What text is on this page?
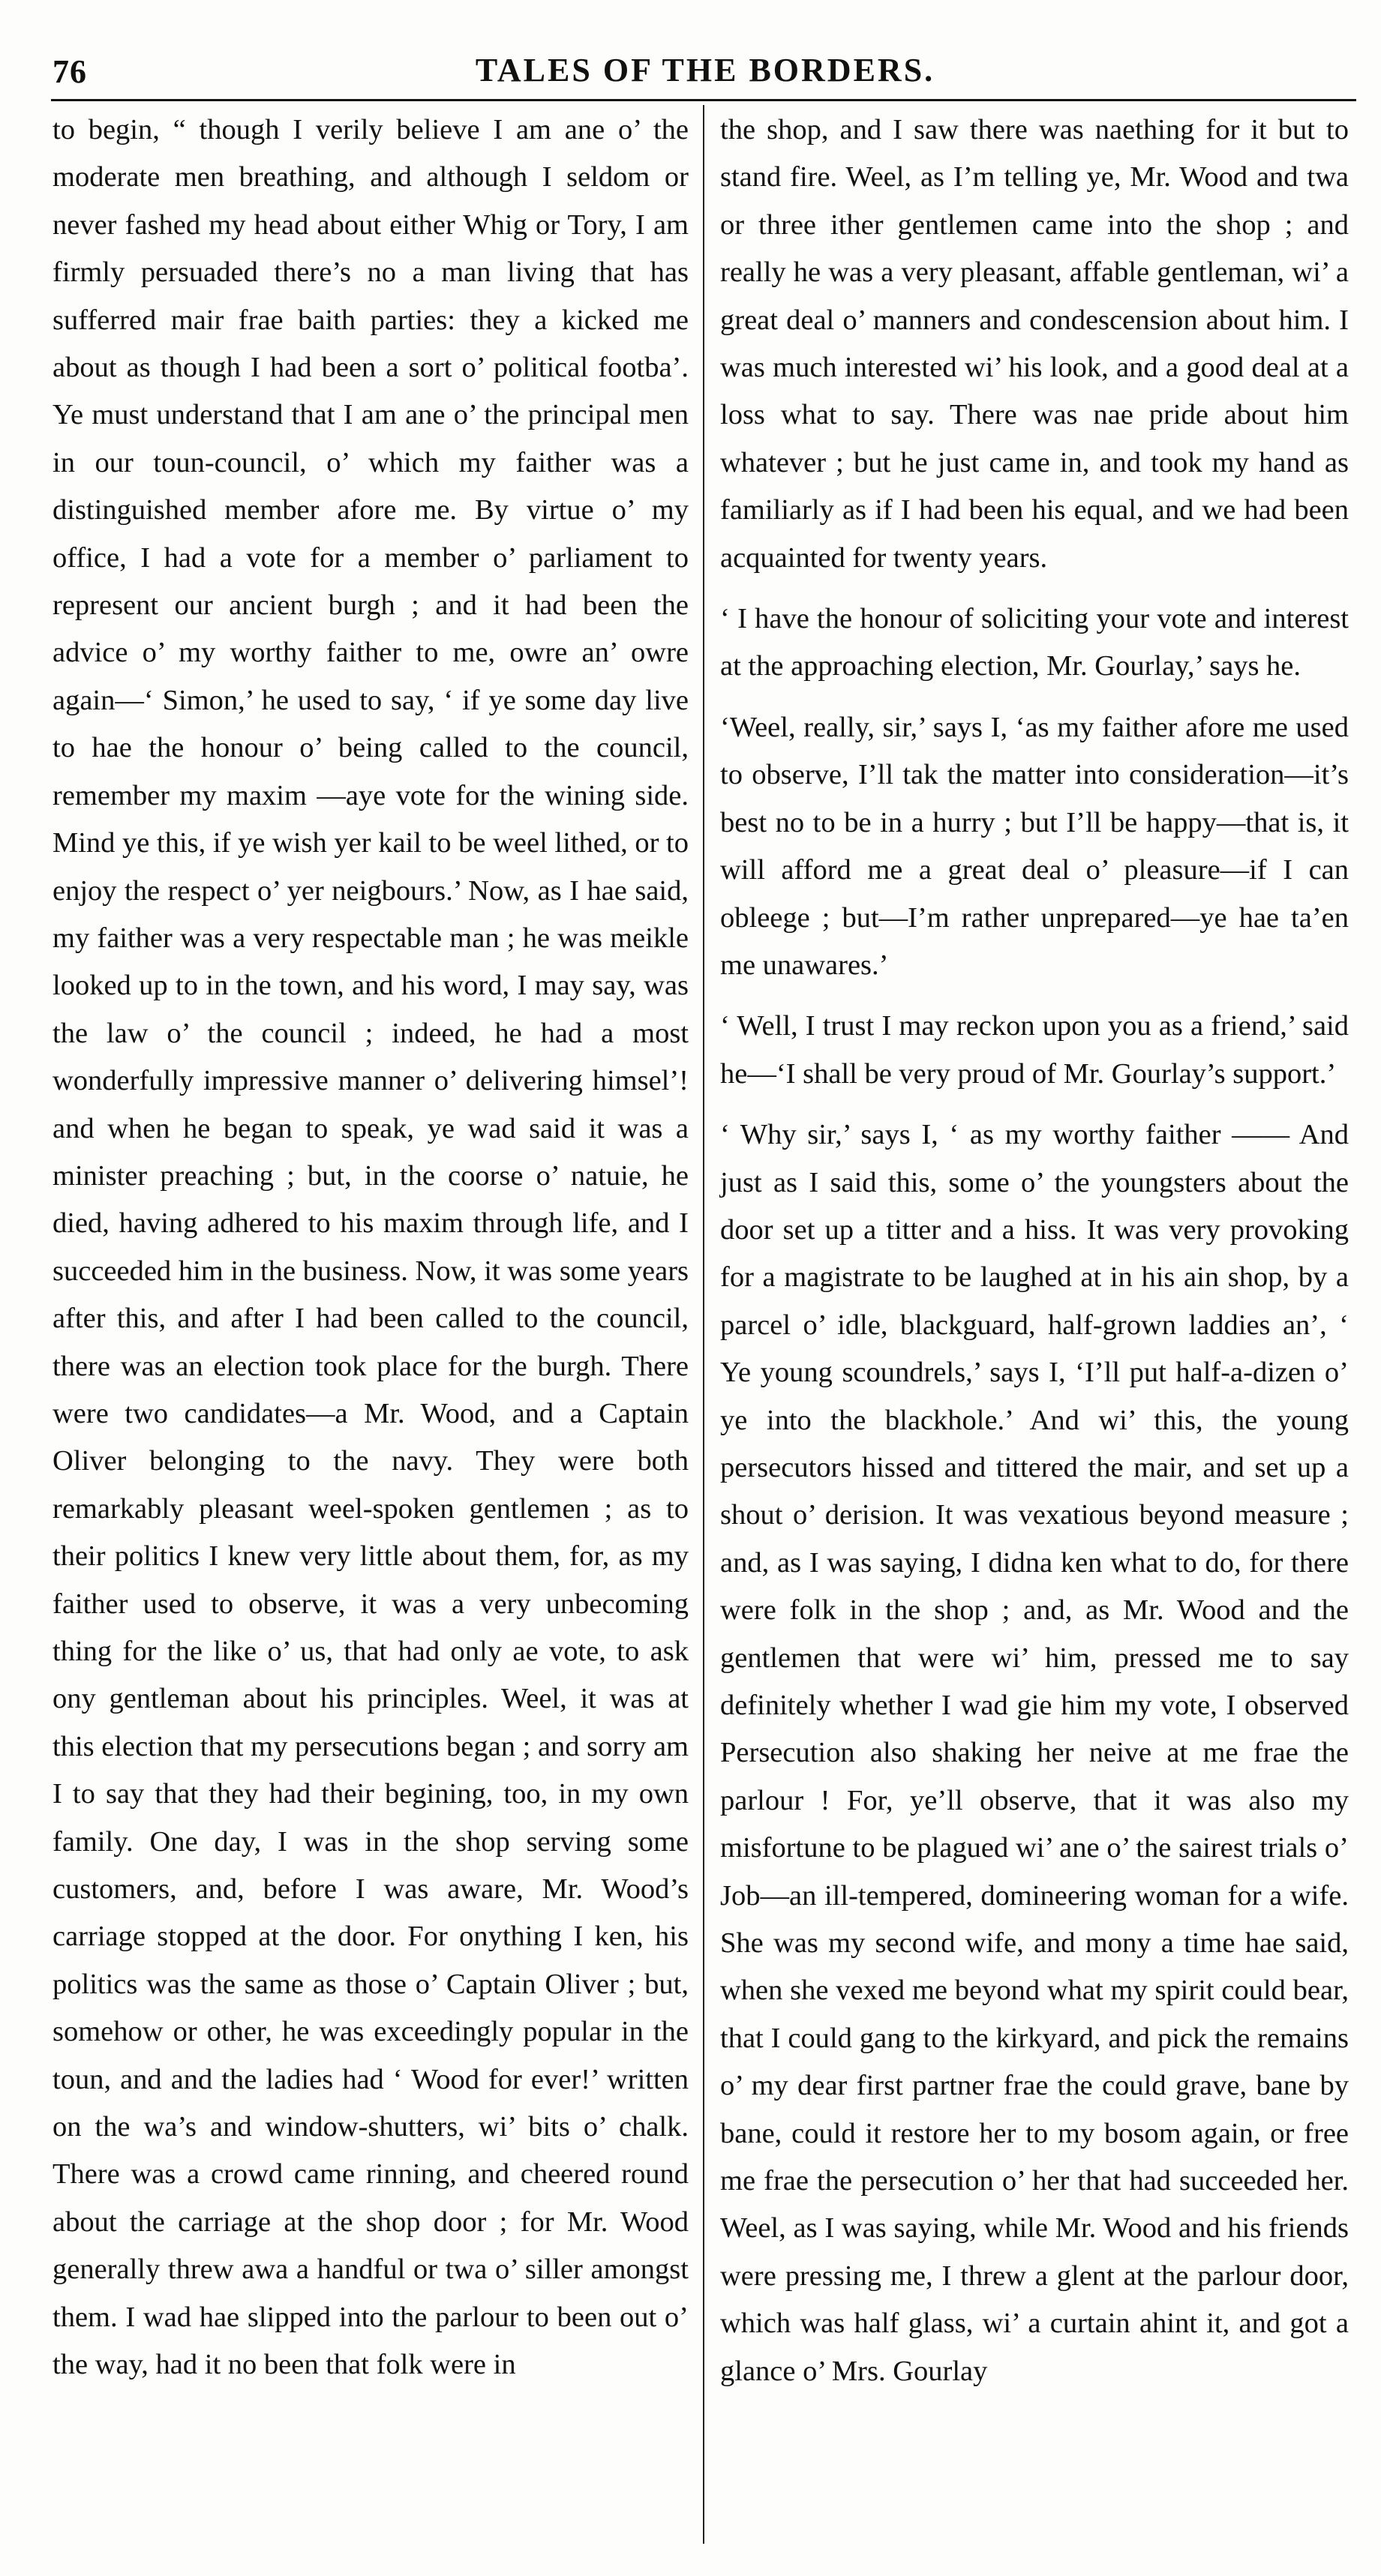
76	TALES OF THE BORDERS.

to begin, “ though I verily believe I am ane o’ the moderate men breathing, and although I seldom or never fashed my head about either Whig or Tory, I am firmly persuaded there’s no a man living that has sufferred mair frae baith parties: they a kicked me about as though I had been a sort o’ political footba’. Ye must understand that I am ane o’ the principal men in our toun-council, o’ which my faither was a distinguished member afore me. By virtue o’ my office, I had a vote for a member o’ parliament to represent our ancient burgh ; and it had been the advice o’ my worthy faither to me, owre an’ owre again—‘ Simon,’ he used to say, ‘ if ye some day live to hae the honour o’ being called to the council, remember my maxim —aye vote for the wining side. Mind ye this, if ye wish yer kail to be weel lithed, or to enjoy the respect o’ yer neigbours.’ Now, as I hae said, my faither was a very respectable man ; he was meikle looked up to in the town, and his word, I may say, was the law o’ the council ; indeed, he had a most wonderfully impressive manner o’ delivering himsel’! and when he began to speak, ye wad said it was a minister preaching ; but, in the coorse o’ natuie, he died, having adhered to his maxim through life, and I succeeded him in the business. Now, it was some years after this, and after I had been called to the council, there was an election took place for the burgh. There were two candidates—a Mr. Wood, and a Captain Oliver belonging to the navy. They were both remarkably pleasant weel-spoken gentlemen ; as to their politics I knew very little about them, for, as my faither used to observe, it was a very unbecoming thing for the like o’ us, that had only ae vote, to ask ony gentleman about his principles. Weel, it was at this election that my persecutions began ; and sorry am I to say that they had their begining, too, in my own family. One day, I was in the shop serving some customers, and, before I was aware, Mr. Wood’s carriage stopped at the door. For onything I ken, his politics was the same as those o’ Captain Oliver ; but, somehow or other, he was exceedingly popular in the toun, and and the ladies had ‘ Wood for ever!’ written on the wa’s and window-shutters, wi’ bits o’ chalk. There was a crowd came rinning, and cheered round about the carriage at the shop door ; for Mr. Wood generally threw awa a handful or twa o’ siller amongst them. I wad hae slipped into the parlour to been out o’ the way, had it no been that folk were in

the shop, and I saw there was naething for it but to stand fire. Weel, as I’m telling ye, Mr. Wood and twa or three ither gentlemen came into the shop ; and really he was a very pleasant, affable gentleman, wi’ a great deal o’ manners and condescension about him. I was much interested wi’ his look, and a good deal at a loss what to say. There was nae pride about him whatever ; but he just came in, and took my hand as familiarly as if I had been his equal, and we had been acquainted for twenty years.

‘ I have the honour of soliciting your vote and interest at the approaching election, Mr. Gourlay,’ says he.

‘Weel, really, sir,’ says I, ‘as my faither afore me used to observe, I’ll tak the matter into consideration—it’s best no to be in a hurry ; but I’ll be happy—that is, it will afford me a great deal o’ pleasure—if I can obleege ; but—I’m rather unprepared—ye hae ta’en me unawares.’

‘ Well, I trust I may reckon upon you as a friend,’ said he—‘I shall be very proud of Mr. Gourlay’s support.’

‘ Why sir,’ says I, ‘ as my worthy faither —— And just as I said this, some o’ the youngsters about the door set up a titter and a hiss. It was very provoking for a magistrate to be laughed at in his ain shop, by a parcel o’ idle, blackguard, half-grown laddies an’, ‘ Ye young scoundrels,’ says I, ‘I’ll put half-a-dizen o’ ye into the blackhole.’ And wi’ this, the young persecutors hissed and tittered the mair, and set up a shout o’ derision. It was vexatious beyond measure ; and, as I was saying, I didna ken what to do, for there were folk in the shop ; and, as Mr. Wood and the gentlemen that were wi’ him, pressed me to say definitely whether I wad gie him my vote, I observed Persecution also shaking her neive at me frae the parlour ! For, ye’ll observe, that it was also my misfortune to be plagued wi’ ane o’ the sairest trials o’ Job—an ill-tempered, domineering woman for a wife. She was my second wife, and mony a time hae said, when she vexed me beyond what my spirit could bear, that I could gang to the kirkyard, and pick the remains o’ my dear first partner frae the could grave, bane by bane, could it restore her to my bosom again, or free me frae the persecution o’ her that had succeeded her. Weel, as I was saying, while Mr. Wood and his friends were pressing me, I threw a glent at the parlour door, which was half glass, wi’ a curtain ahint it, and got a glance o’ Mrs. Gourlay
